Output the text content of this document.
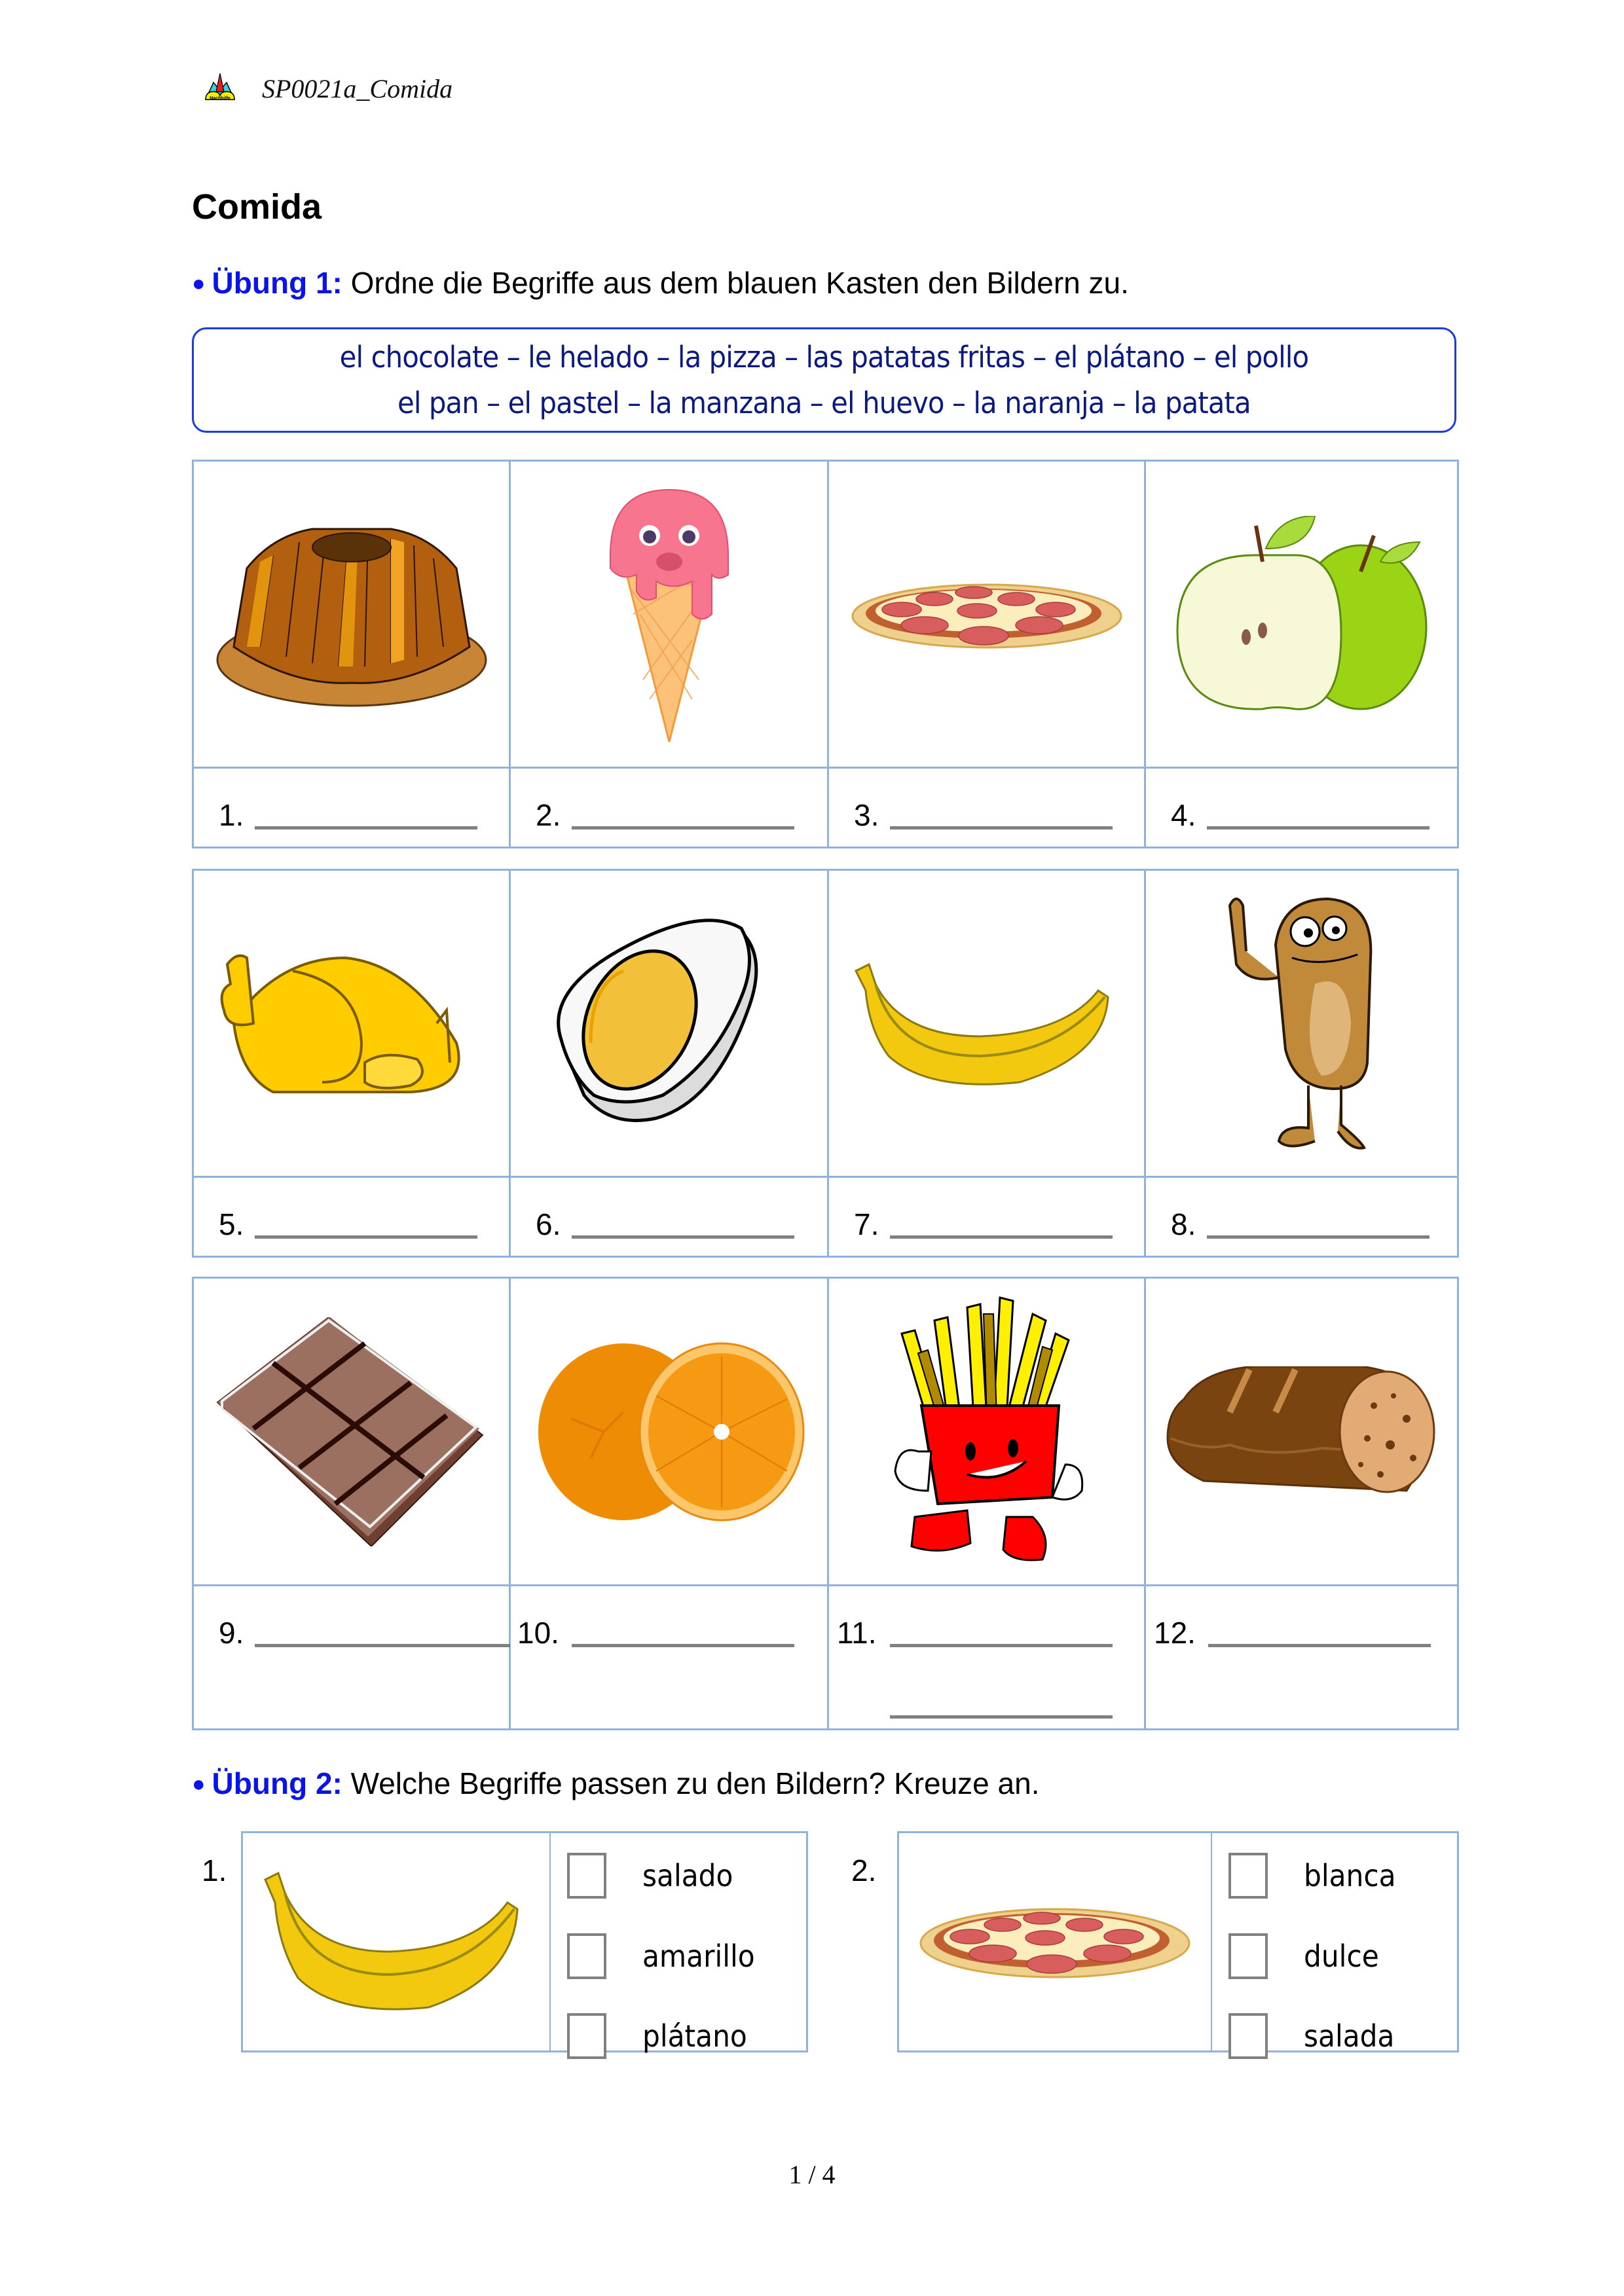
Nachhilfe SP0021a_Comida
Comida
● Übung 1: Ordne die Begriffe aus dem blauen Kasten den Bildern zu.
el chocolate – le helado – la pizza – las patatas fritas – el plátano – el pollo
el pan – el pastel – la manzana – el huevo – la naranja – la patata
1.	2.	3.	4.
5.	6.	7.	8.
9.	10.	11.	12.
● Übung 2: Welche Begriffe passen zu den Bildern? Kreuze an.
1.	salado
amarillo
plátano
2.	blanca
dulce
salada
1 / 4
